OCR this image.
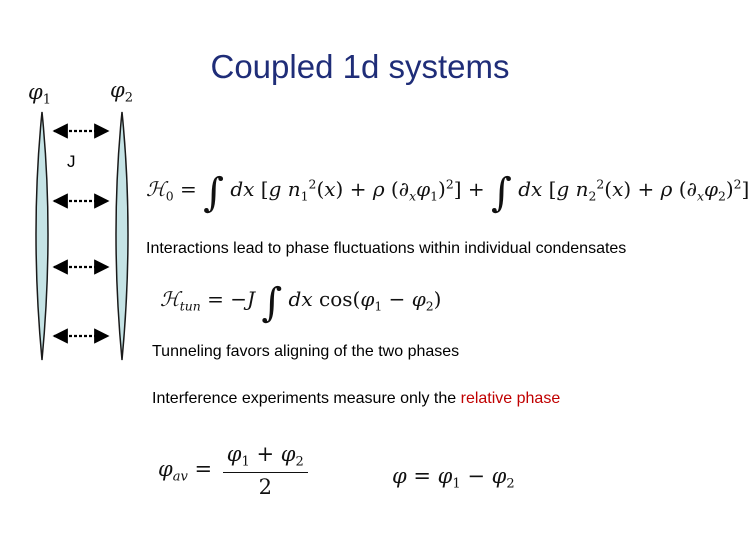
Coupled 1d systems
$\varphi_1$	$\varphi_2$
J
ℋ$_0$ = ∫ dx [g $n_1^2(x) + \rho$ $(\partial_x\varphi_1)^2$] + ∫ dx [g $n_2^2(x) + \rho$ $(\partial_x\varphi_2)^2$]
Interactions lead to phase fluctuations within individual condensates
ℋ$_{tun}$ = −J ∫ dx $\cos(\varphi_1 - \varphi_2)$
Tunneling favors aligning of the two phases
Interference experiments measure only the relative phase
$\varphi_{av} = \frac{\varphi_1 + \varphi_2}{2}$	$\varphi = \varphi_1 - \varphi_2$
